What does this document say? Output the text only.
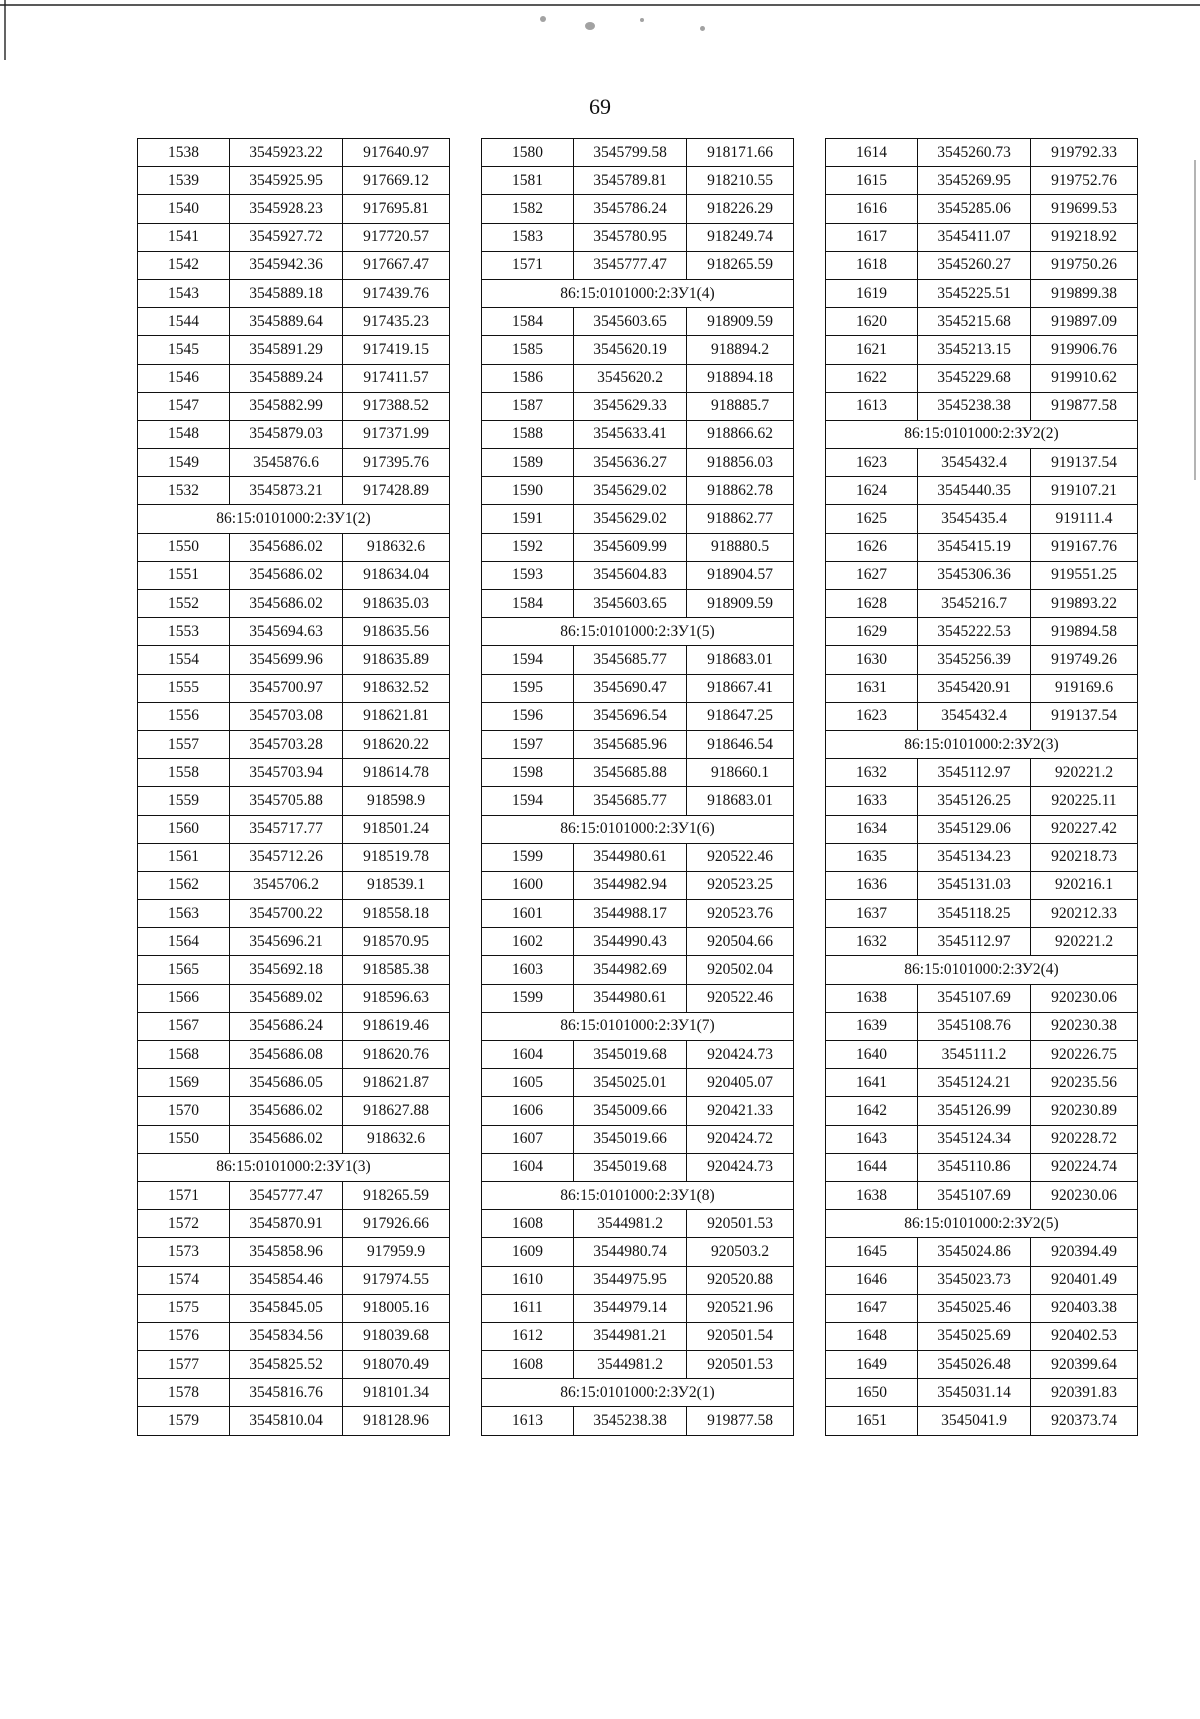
69
1538	3545923.22	917640.97
1539	3545925.95	917669.12
1540	3545928.23	917695.81
1541	3545927.72	917720.57
1542	3545942.36	917667.47
1543	3545889.18	917439.76
1544	3545889.64	917435.23
1545	3545891.29	917419.15
1546	3545889.24	917411.57
1547	3545882.99	917388.52
1548	3545879.03	917371.99
1549	3545876.6	917395.76
1532	3545873.21	917428.89
86:15:0101000:2:ЗУ1(2)		
1550	3545686.02	918632.6
1551	3545686.02	918634.04
1552	3545686.02	918635.03
1553	3545694.63	918635.56
1554	3545699.96	918635.89
1555	3545700.97	918632.52
1556	3545703.08	918621.81
1557	3545703.28	918620.22
1558	3545703.94	918614.78
1559	3545705.88	918598.9
1560	3545717.77	918501.24
1561	3545712.26	918519.78
1562	3545706.2	918539.1
1563	3545700.22	918558.18
1564	3545696.21	918570.95
1565	3545692.18	918585.38
1566	3545689.02	918596.63
1567	3545686.24	918619.46
1568	3545686.08	918620.76
1569	3545686.05	918621.87
1570	3545686.02	918627.88
1550	3545686.02	918632.6
86:15:0101000:2:ЗУ1(3)		
1571	3545777.47	918265.59
1572	3545870.91	917926.66
1573	3545858.96	917959.9
1574	3545854.46	917974.55
1575	3545845.05	918005.16
1576	3545834.56	918039.68
1577	3545825.52	918070.49
1578	3545816.76	918101.34
1579	3545810.04	918128.96
1580	3545799.58	918171.66
1581	3545789.81	918210.55
1582	3545786.24	918226.29
1583	3545780.95	918249.74
1571	3545777.47	918265.59
86:15:0101000:2:ЗУ1(4)		
1584	3545603.65	918909.59
1585	3545620.19	918894.2
1586	3545620.2	918894.18
1587	3545629.33	918885.7
1588	3545633.41	918866.62
1589	3545636.27	918856.03
1590	3545629.02	918862.78
1591	3545629.02	918862.77
1592	3545609.99	918880.5
1593	3545604.83	918904.57
1584	3545603.65	918909.59
86:15:0101000:2:ЗУ1(5)		
1594	3545685.77	918683.01
1595	3545690.47	918667.41
1596	3545696.54	918647.25
1597	3545685.96	918646.54
1598	3545685.88	918660.1
1594	3545685.77	918683.01
86:15:0101000:2:ЗУ1(6)		
1599	3544980.61	920522.46
1600	3544982.94	920523.25
1601	3544988.17	920523.76
1602	3544990.43	920504.66
1603	3544982.69	920502.04
1599	3544980.61	920522.46
86:15:0101000:2:ЗУ1(7)		
1604	3545019.68	920424.73
1605	3545025.01	920405.07
1606	3545009.66	920421.33
1607	3545019.66	920424.72
1604	3545019.68	920424.73
86:15:0101000:2:ЗУ1(8)		
1608	3544981.2	920501.53
1609	3544980.74	920503.2
1610	3544975.95	920520.88
1611	3544979.14	920521.96
1612	3544981.21	920501.54
1608	3544981.2	920501.53
86:15:0101000:2:ЗУ2(1)		
1613	3545238.38	919877.58
1614	3545260.73	919792.33
1615	3545269.95	919752.76
1616	3545285.06	919699.53
1617	3545411.07	919218.92
1618	3545260.27	919750.26
1619	3545225.51	919899.38
1620	3545215.68	919897.09
1621	3545213.15	919906.76
1622	3545229.68	919910.62
1613	3545238.38	919877.58
86:15:0101000:2:ЗУ2(2)		
1623	3545432.4	919137.54
1624	3545440.35	919107.21
1625	3545435.4	919111.4
1626	3545415.19	919167.76
1627	3545306.36	919551.25
1628	3545216.7	919893.22
1629	3545222.53	919894.58
1630	3545256.39	919749.26
1631	3545420.91	919169.6
1623	3545432.4	919137.54
86:15:0101000:2:ЗУ2(3)		
1632	3545112.97	920221.2
1633	3545126.25	920225.11
1634	3545129.06	920227.42
1635	3545134.23	920218.73
1636	3545131.03	920216.1
1637	3545118.25	920212.33
1632	3545112.97	920221.2
86:15:0101000:2:ЗУ2(4)		
1638	3545107.69	920230.06
1639	3545108.76	920230.38
1640	3545111.2	920226.75
1641	3545124.21	920235.56
1642	3545126.99	920230.89
1643	3545124.34	920228.72
1644	3545110.86	920224.74
1638	3545107.69	920230.06
86:15:0101000:2:ЗУ2(5)		
1645	3545024.86	920394.49
1646	3545023.73	920401.49
1647	3545025.46	920403.38
1648	3545025.69	920402.53
1649	3545026.48	920399.64
1650	3545031.14	920391.83
1651	3545041.9	920373.74
